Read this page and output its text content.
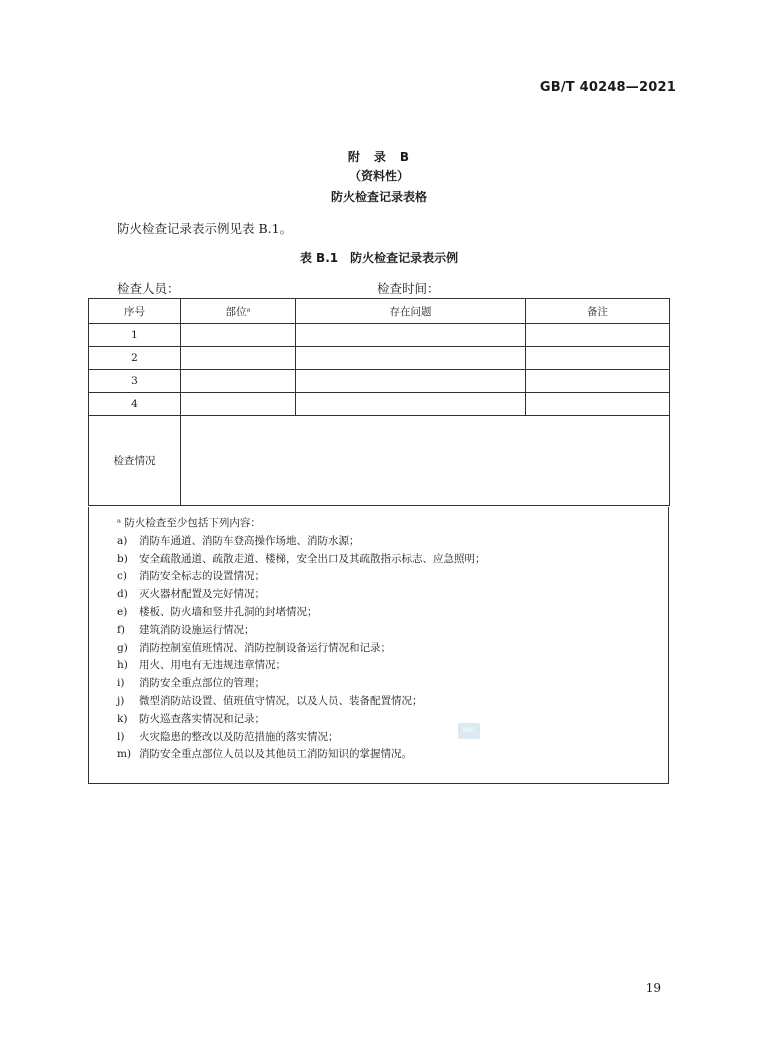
GB/T 40248—2021
附　录　B
（资料性）
防火检查记录表格
防火检查记录表示例见表 B.1。
表 B.1　防火检查记录表示例
检查人员：	检查时间：
序号	部位ᵃ	存在问题	备注
1			
2			
3			
4			
检查情况			
ᵃ 防火检查至少包括下列内容：
a)	消防车通道、消防车登高操作场地、消防水源；
b)	安全疏散通道、疏散走道、楼梯，安全出口及其疏散指示标志、应急照明；
c)	消防安全标志的设置情况；
d)	灭火器材配置及完好情况；
e)	楼板、防火墙和竖井孔洞的封堵情况；
f)	建筑消防设施运行情况；
g)	消防控制室值班情况、消防控制设备运行情况和记录；
h)	用火、用电有无违规违章情况；
i)	消防安全重点部位的管理；
j)	微型消防站设置、值班值守情况，以及人员、装备配置情况；
k)	防火巡查落实情况和记录；
l)	火灾隐患的整改以及防范措施的落实情况；
m) 消防安全重点部位人员以及其他员工消防知识的掌握情况。
SNC
19
